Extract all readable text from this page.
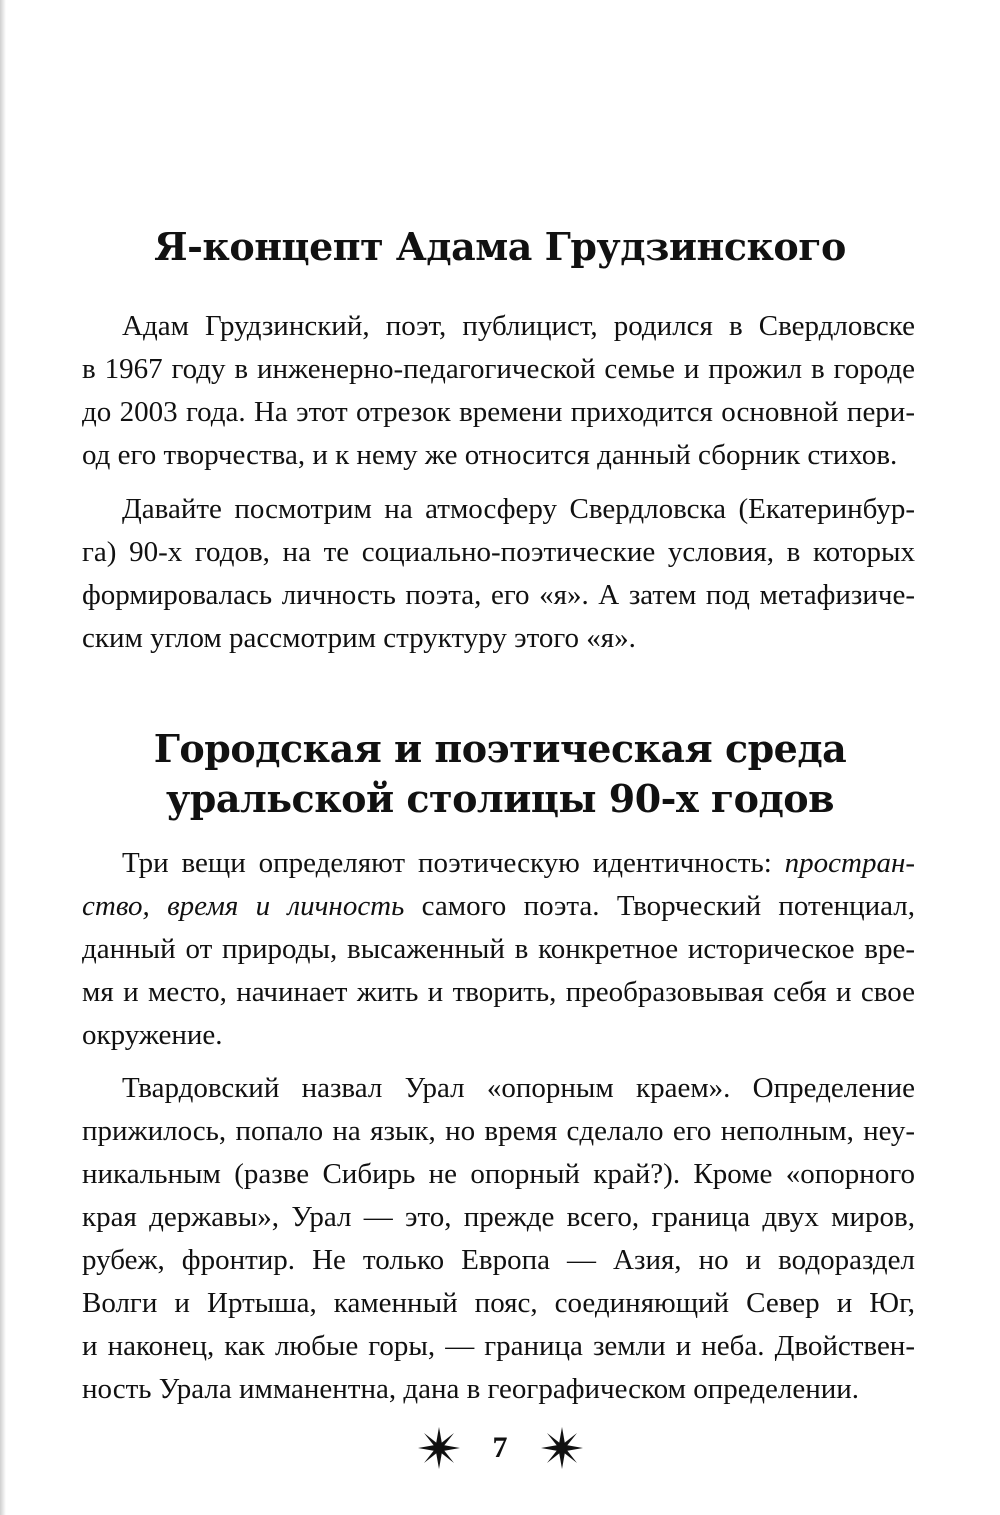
Я-концепт Адама Грудзинского

Адам Грудзинский, поэт, публицист, родился в Свердловске
в 1967 году в инженерно-педагогической семье и прожил в городе
до 2003 года. На этот отрезок времени приходится основной пери-
од его творчества, и к нему же относится данный сборник стихов.

Давайте посмотрим на атмосферу Свердловска (Екатеринбур-
га) 90-х годов, на те социально-поэтические условия, в которых
формировалась личность поэта, его «я». А затем под метафизиче-
ским углом рассмотрим структуру этого «я».

Городская и поэтическая среда
уральской столицы 90-х годов

Три вещи определяют поэтическую идентичность: простран-
ство, время и личность самого поэта. Творческий потенциал,
данный от природы, высаженный в конкретное историческое вре-
мя и место, начинает жить и творить, преобразовывая себя и свое
окружение.

Твардовский назвал Урал «опорным краем». Определение
прижилось, попало на язык, но время сделало его неполным, неу-
никальным (разве Сибирь не опорный край?). Кроме «опорного
края державы», Урал — это, прежде всего, граница двух миров,
рубеж, фронтир. Не только Европа — Азия, но и водораздел
Волги и Иртыша, каменный пояс, соединяющий Север и Юг,
и наконец, как любые горы, — граница земли и неба. Двойствен-
ность Урала имманентна, дана в географическом определении.

7
